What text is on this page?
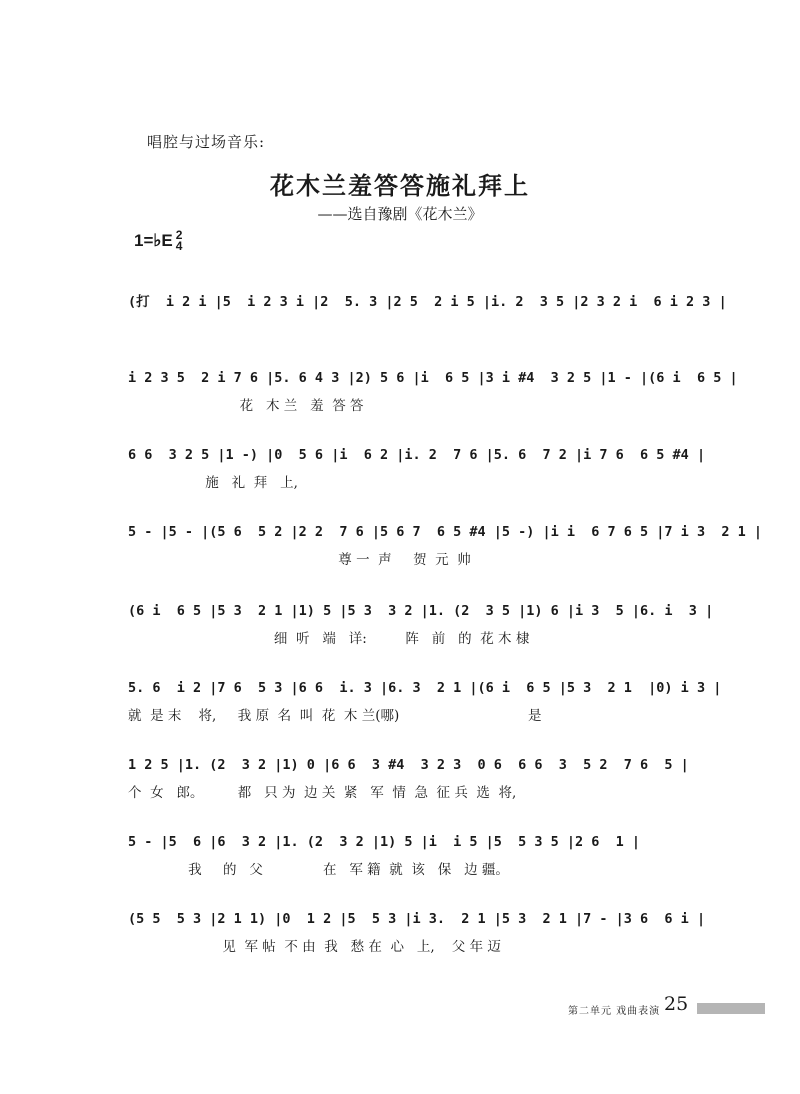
唱腔与过场音乐:
花木兰羞答答施礼拜上
——选自豫剧《花木兰》
1=♭E 2
4
(打  i 2 i |5  i 2 3 i |2  5. 3 |2 5  2 i 5 |i. 2  3 5 |2 3 2 i  6 i 2 3 |
i 2 3 5  2 i 7 6 |5. 6 4 3 |2) 5 6 |i  6 5 |3 i #4  3 2 5 |1 - |(6 i  6 5 |
花   木 兰   羞  答 答
6 6  3 2 5 |1 -) |0  5 6 |i  6 2 |i. 2  7 6 |5. 6  7 2 |i 7 6  6 5 #4 |
施   礼  拜   上,
5 - |5 - |(5 6  5 2 |2 2  7 6 |5 6 7  6 5 #4 |5 -) |i i  6 7 6 5 |7 i 3  2 1 |
尊 一  声     贺  元  帅
(6 i  6 5 |5 3  2 1 |1) 5 |5 3  3 2 |1. (2  3 5 |1) 6 |i 3  5 |6. i  3 |
细  听   端   详:         阵   前   的  花 木 棣
5. 6  i 2 |7 6  5 3 |6 6  i. 3 |6. 3  2 1 |(6 i  6 5 |5 3  2 1  |0) i 3 |
就  是 末    将,     我 原  名  叫  花  木 兰(哪)                              是
1 2 5 |1. (2  3 2 |1) 0 |6 6  3 #4  3 2 3  0 6  6 6  3  5 2  7 6  5 |
个  女   郎。        都   只 为  边 关  紧   军  情  急  征 兵  选  将,
5 - |5  6 |6  3 2 |1. (2  3 2 |1) 5 |i  i 5 |5  5 3 5 |2 6  1 |
我     的   父              在   军 籍  就  该   保   边 疆。
(5 5  5 3 |2 1 1) |0  1 2 |5  5 3 |i 3.  2 1 |5 3  2 1 |7 - |3 6  6 i |
见  军 帖  不 由  我   愁 在  心   上,    父 年 迈
第二单元 戏曲表演 25
